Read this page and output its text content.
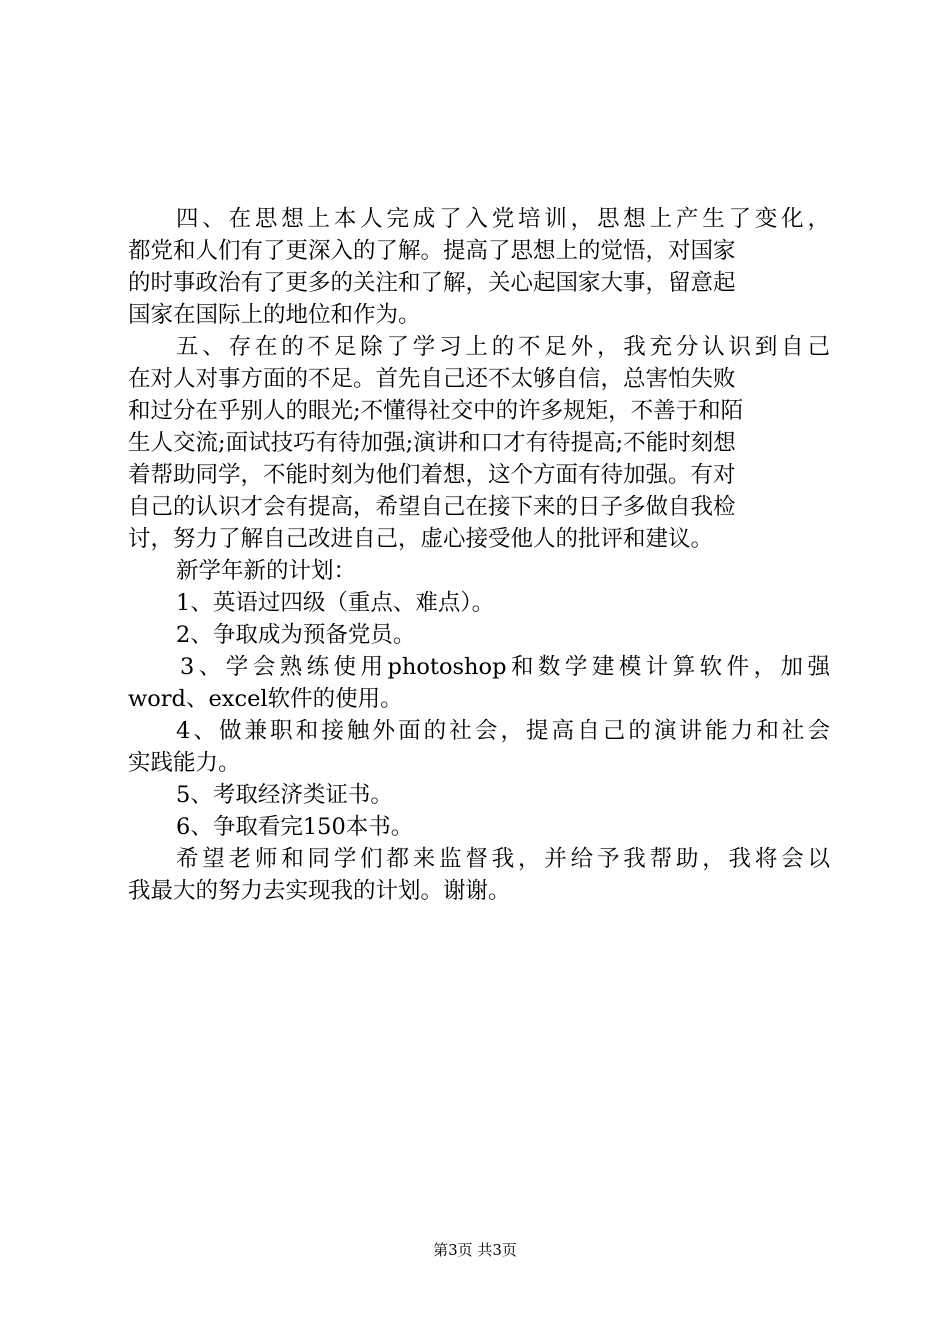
四、在思想上本人完成了入党培训，思想上产生了变化，
都党和人们有了更深入的了解。提高了思想上的觉悟，对国家
的时事政治有了更多的关注和了解，关心起国家大事，留意起
国家在国际上的地位和作为。
五、存在的不足除了学习上的不足外，我充分认识到自己
在对人对事方面的不足。首先自己还不太够自信，总害怕失败
和过分在乎别人的眼光;不懂得社交中的许多规矩，不善于和陌
生人交流;面试技巧有待加强;演讲和口才有待提高;不能时刻想
着帮助同学，不能时刻为他们着想，这个方面有待加强。有对
自己的认识才会有提高，希望自己在接下来的日子多做自我检
讨，努力了解自己改进自己，虚心接受他人的批评和建议。
新学年新的计划：
1、英语过四级（重点、难点）。
2、争取成为预备党员。
3、学会熟练使用photoshop和数学建模计算软件，加强
word、excel软件的使用。
4、做兼职和接触外面的社会，提高自己的演讲能力和社会
实践能力。
5、考取经济类证书。
6、争取看完150本书。
希望老师和同学们都来监督我，并给予我帮助，我将会以
我最大的努力去实现我的计划。谢谢。
第3页 共3页
